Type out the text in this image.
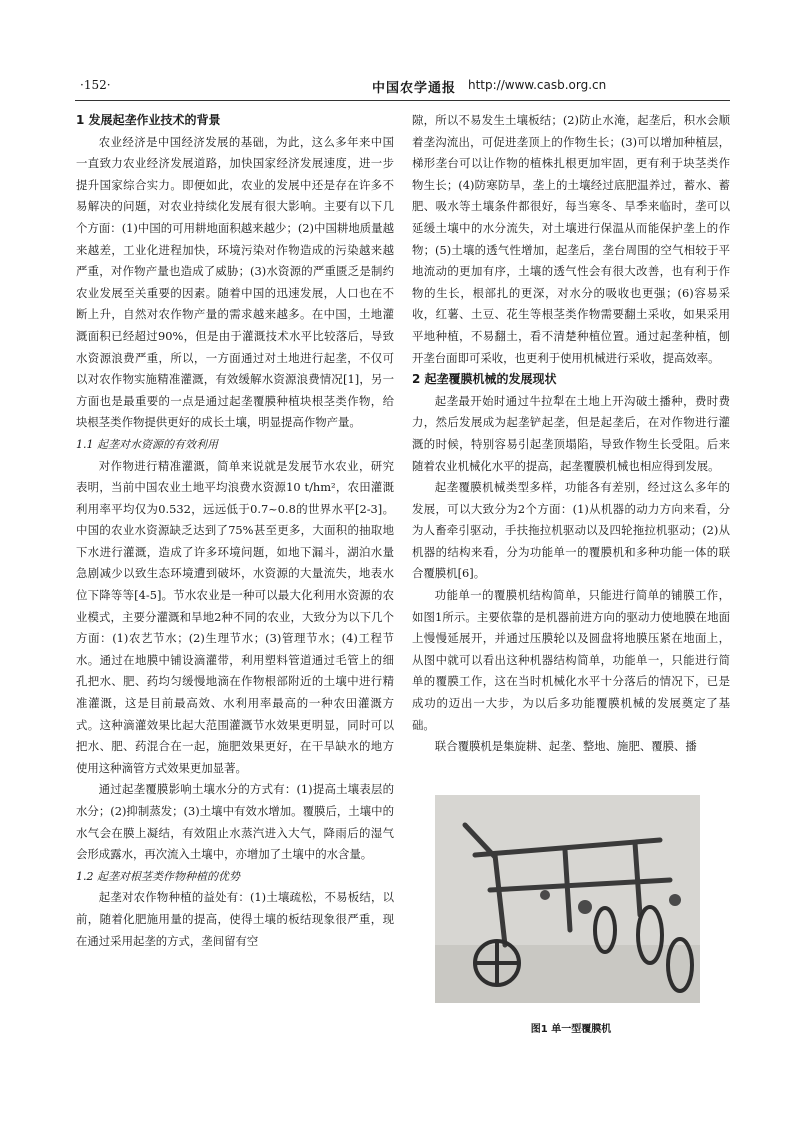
·152·	中国农学通报 http://www.casb.org.cn
1 发展起垄作业技术的背景

农业经济是中国经济发展的基础，为此，这么多年来中国一直致力农业经济发展道路，加快国家经济发展速度，进一步提升国家综合实力。即便如此，农业的发展中还是存在许多不易解决的问题，对农业持续化发展有很大影响。主要有以下几个方面：(1)中国的可用耕地面积越来越少；(2)中国耕地质量越来越差，工业化进程加快，环境污染对作物造成的污染越来越严重，对作物产量也造成了威胁；(3)水资源的严重匮乏是制约农业发展至关重要的因素。随着中国的迅速发展，人口也在不断上升，自然对农作物产量的需求越来越多。在中国，土地灌溉面积已经超过90%，但是由于灌溉技术水平比较落后，导致水资源浪费严重，所以，一方面通过对土地进行起垄，不仅可以对农作物实施精准灌溉，有效缓解水资源浪费情况[1]，另一方面也是最重要的一点是通过起垄覆膜种植块根茎类作物，给块根茎类作物提供更好的成长土壤，明显提高作物产量。

1.1 起垄对水资源的有效利用

对作物进行精准灌溉，简单来说就是发展节水农业，研究表明，当前中国农业土地平均浪费水资源10 t/hm²，农田灌溉利用率平均仅为0.532，远远低于0.7~0.8的世界水平[2-3]。中国的农业水资源缺乏达到了75%甚至更多，大面积的抽取地下水进行灌溉，造成了许多环境问题，如地下漏斗，湖泊水量急剧减少以致生态环境遭到破坏，水资源的大量流失，地表水位下降等等[4-5]。节水农业是一种可以最大化利用水资源的农业模式，主要分灌溉和旱地2种不同的农业，大致分为以下几个方面：(1)农艺节水；(2)生理节水；(3)管理节水；(4)工程节水。通过在地膜中铺设滴灌带，利用塑料管道通过毛管上的细孔把水、肥、药均匀缓慢地滴在作物根部附近的土壤中进行精准灌溉，这是目前最高效、水利用率最高的一种农田灌溉方式。这种滴灌效果比起大范围灌溉节水效果更明显，同时可以把水、肥、药混合在一起，施肥效果更好，在干旱缺水的地方使用这种滴管方式效果更加显著。

通过起垄覆膜影响土壤水分的方式有：(1)提高土壤表层的水分；(2)抑制蒸发；(3)土壤中有效水增加。覆膜后，土壤中的水气会在膜上凝结，有效阻止水蒸汽进入大气，降雨后的湿气会形成露水，再次流入土壤中，亦增加了土壤中的水含量。

1.2 起垄对根茎类作物种植的优势

起垄对农作物种植的益处有：(1)土壤疏松，不易板结，以前，随着化肥施用量的提高，使得土壤的板结现象很严重，现在通过采用起垄的方式，垄间留有空

隙，所以不易发生土壤板结；(2)防止水淹，起垄后，积水会顺着垄沟流出，可促进垄顶上的作物生长；(3)可以增加种植层，梯形垄台可以让作物的植株扎根更加牢固，更有利于块茎类作物生长；(4)防寒防旱，垄上的土壤经过底肥温养过，蓄水、蓄肥、吸水等土壤条件都很好，每当寒冬、旱季来临时，垄可以延缓土壤中的水分流失，对土壤进行保温从而能保护垄上的作物；(5)土壤的透气性增加，起垄后，垄台周围的空气相较于平地流动的更加有序，土壤的透气性会有很大改善，也有利于作物的生长，根部扎的更深，对水分的吸收也更强；(6)容易采收，红薯、土豆、花生等根茎类作物需要翻土采收，如果采用平地种植，不易翻土，看不清楚种植位置。通过起垄种植，刨开垄台面即可采收，也更利于使用机械进行采收，提高效率。

2 起垄覆膜机械的发展现状

起垄最开始时通过牛拉犁在土地上开沟破土播种，费时费力，然后发展成为起垄铲起垄，但是起垄后，在对作物进行灌溉的时候，特别容易引起垄顶塌陷，导致作物生长受阻。后来随着农业机械化水平的提高，起垄覆膜机械也相应得到发展。

起垄覆膜机械类型多样，功能各有差别，经过这么多年的发展，可以大致分为2个方面：(1)从机器的动力方向来看，分为人畜牵引驱动，手扶拖拉机驱动以及四轮拖拉机驱动；(2)从机器的结构来看，分为功能单一的覆膜机和多种功能一体的联合覆膜机[6]。

功能单一的覆膜机结构简单，只能进行简单的铺膜工作，如图1所示。主要依靠的是机器前进方向的驱动力使地膜在地面上慢慢延展开，并通过压膜轮以及圆盘将地膜压紧在地面上，从图中就可以看出这种机器结构简单，功能单一，只能进行简单的覆膜工作，这在当时机械化水平十分落后的情况下，已是成功的迈出一大步，为以后多功能覆膜机械的发展奠定了基础。

联合覆膜机是集旋耕、起垄、整地、施肥、覆膜、播

图1 单一型覆膜机
